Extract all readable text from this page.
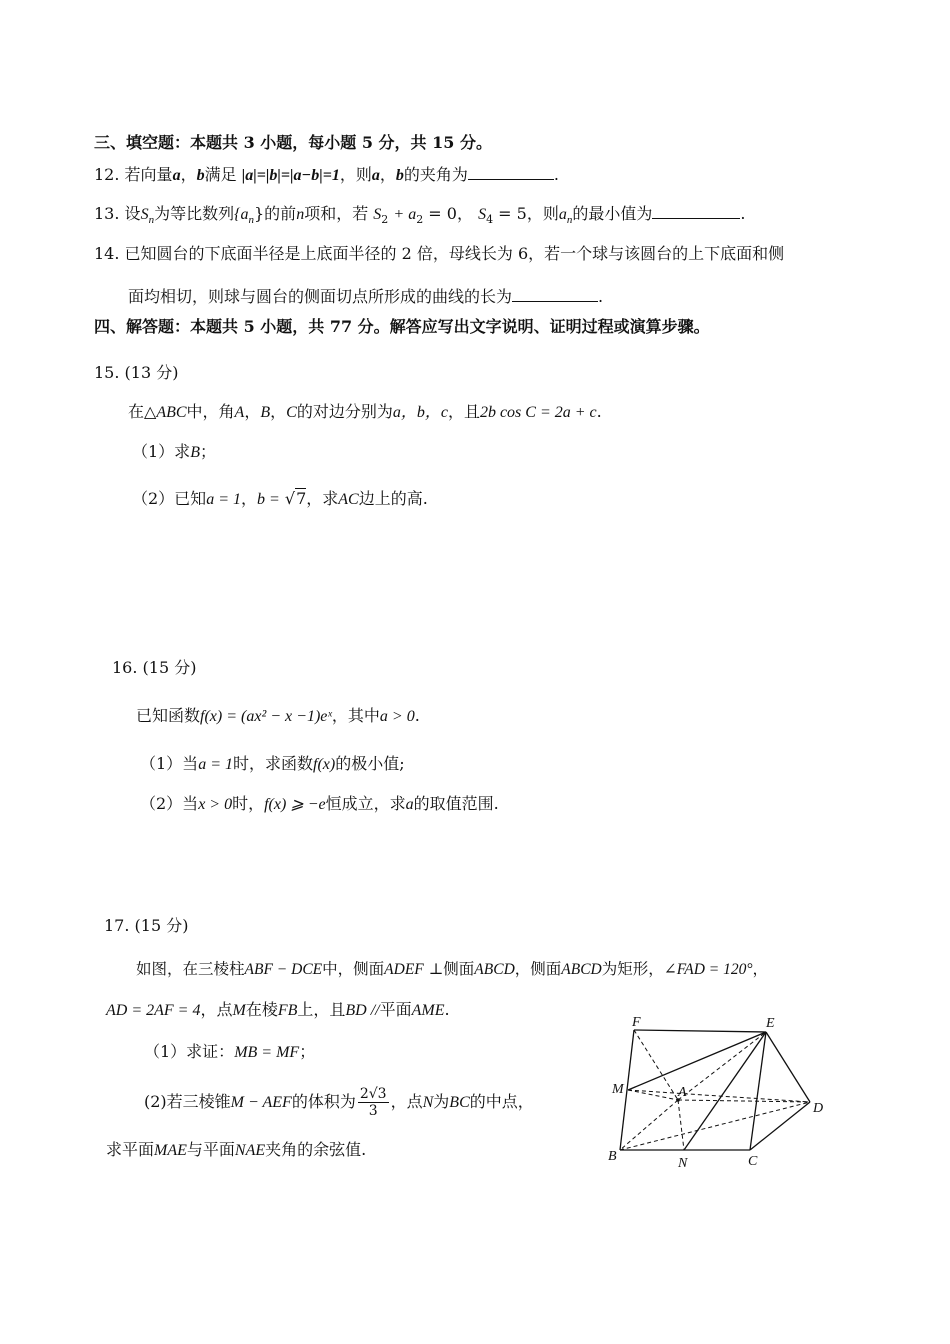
三、填空题：本题共 3 小题，每小题 5 分，共 15 分。
12. 若向量a，b满足 |a|=|b|=|a−b|=1，则a，b的夹角为	.
13. 设$S_n$为等比数列$\{a_n\}$的前n项和，若 $S_2 + a_2 = 0$， $S_4 = 5$，则$a_n$的最小值为	.
14. 已知圆台的下底面半径是上底面半径的 2 倍，母线长为 6，若一个球与该圆台的上下底面和侧
面均相切，则球与圆台的侧面切点所形成的曲线的长为	.
四、解答题：本题共 5 小题，共 77 分。解答应写出文字说明、证明过程或演算步骤。
15. (13 分)
在△ABC中，角A，B，C的对边分别为a，b，c，且2b cos C = 2a + c.
（1）求B；
（2）已知a = 1，b = √7，求AC边上的高.
16. (15 分)
已知函数f(x) = (ax² − x −1)eˣ，其中a > 0.
（1）当a = 1时，求函数f(x)的极小值;
（2）当x > 0时，f(x) ⩾ −e恒成立，求a的取值范围.
17. (15 分)
如图，在三棱柱ABF − DCE中，侧面ADEF ⊥侧面ABCD，侧面ABCD为矩形，∠FAD = 120°，
AD = 2AF = 4，点M在棱FB上，且BD //平面AME.
（1）求证：MB = MF；
(2)若三棱锥M − AEF的体积为 $\frac{2√3}{3}$ ，点N为BC的中点，
求平面MAE与平面NAE夹角的余弦值.
F	E
M	A
D
B	N	C
